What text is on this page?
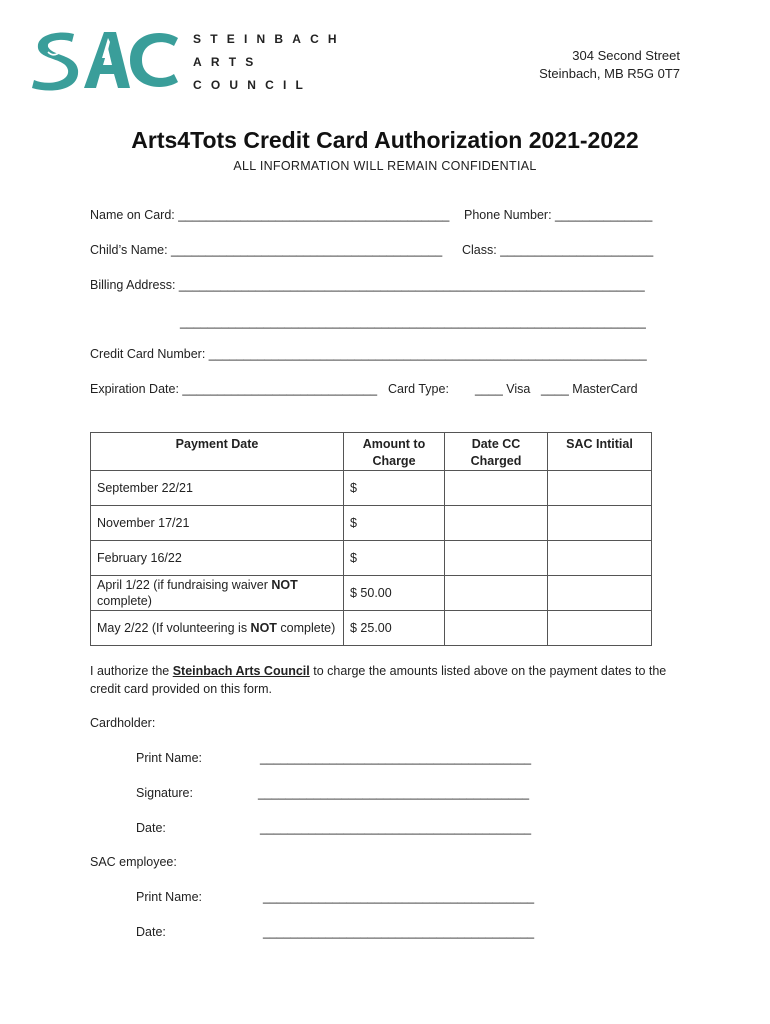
STEINBACH
ARTS
COUNCIL
304 Second Street
Steinbach, MB R5G 0T7
Arts4Tots Credit Card Authorization 2021-2022
ALL INFORMATION WILL REMAIN CONFIDENTIAL
Name on Card: _______________________________________ Phone Number: ______________
Child’s Name: _______________________________________ Class: ______________________
Billing Address: ___________________________________________________________________
___________________________________________________________________
Credit Card Number: _______________________________________________________________
Expiration Date: ____________________________ Card Type: ____ Visa ____ MasterCard
Payment Date	Amount to Charge	Date CC Charged	SAC Intitial
September 22/21	$		
November 17/21	$		
February 16/22	$		
April 1/22 (if fundraising waiver NOT complete)	$ 50.00		
May 2/22 (If volunteering is NOT complete)	$ 25.00		
I authorize the Steinbach Arts Council to charge the amounts listed above on the payment dates to the credit card provided on this form.
Cardholder:
Print Name:	_______________________________________
Signature:	_______________________________________
Date:	_______________________________________
SAC employee:
Print Name:	_______________________________________
Date:	_______________________________________
